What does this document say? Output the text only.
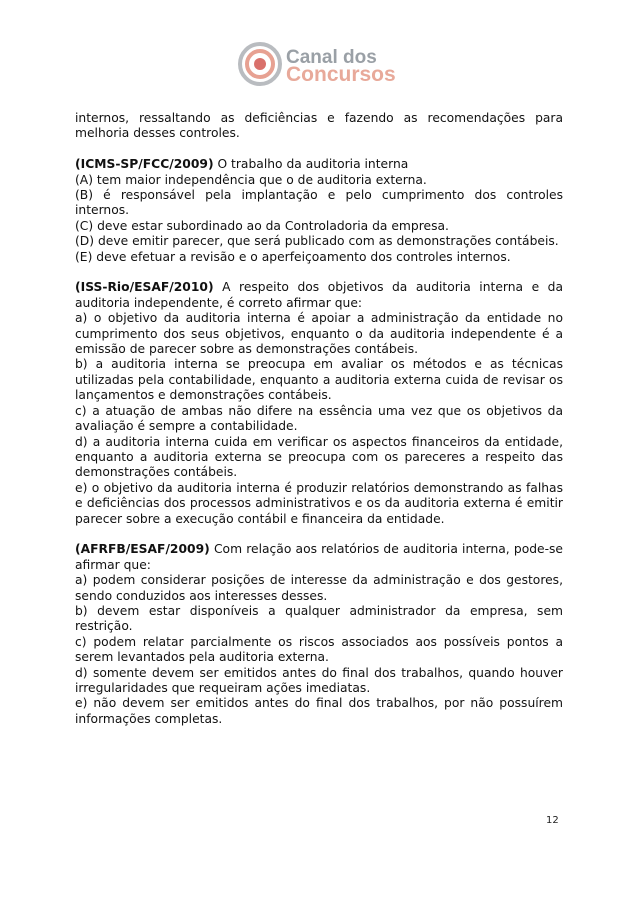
Canal dos
Concursos

internos, ressaltando as deficiências e fazendo as recomendações para melhoria desses controles.

(ICMS-SP/FCC/2009) O trabalho da auditoria interna

(A) tem maior independência que o de auditoria externa.

(B) é responsável pela implantação e pelo cumprimento dos controles internos.

(C) deve estar subordinado ao da Controladoria da empresa.

(D) deve emitir parecer, que será publicado com as demonstrações contábeis.

(E) deve efetuar a revisão e o aperfeiçoamento dos controles internos.

(ISS-Rio/ESAF/2010) A respeito dos objetivos da auditoria interna e da auditoria independente, é correto afirmar que:

a) o objetivo da auditoria interna é apoiar a administração da entidade no cumprimento dos seus objetivos, enquanto o da auditoria independente é a emissão de parecer sobre as demonstrações contábeis.

b) a auditoria interna se preocupa em avaliar os métodos e as técnicas utilizadas pela contabilidade, enquanto a auditoria externa cuida de revisar os lançamentos e demonstrações contábeis.

c) a atuação de ambas não difere na essência uma vez que os objetivos da avaliação é sempre a contabilidade.

d) a auditoria interna cuida em verificar os aspectos financeiros da entidade, enquanto a auditoria externa se preocupa com os pareceres a respeito das demonstrações contábeis.

e) o objetivo da auditoria interna é produzir relatórios demonstrando as falhas e deficiências dos processos administrativos e os da auditoria externa é emitir parecer sobre a execução contábil e financeira da entidade.

(AFRFB/ESAF/2009) Com relação aos relatórios de auditoria interna, pode-se afirmar que:

a) podem considerar posições de interesse da administração e dos gestores, sendo conduzidos aos interesses desses.

b) devem estar disponíveis a qualquer administrador da empresa, sem restrição.

c) podem relatar parcialmente os riscos associados aos possíveis pontos a serem levantados pela auditoria externa.

d) somente devem ser emitidos antes do final dos trabalhos, quando houver irregularidades que requeiram ações imediatas.

e) não devem ser emitidos antes do final dos trabalhos, por não possuírem informações completas.

12
